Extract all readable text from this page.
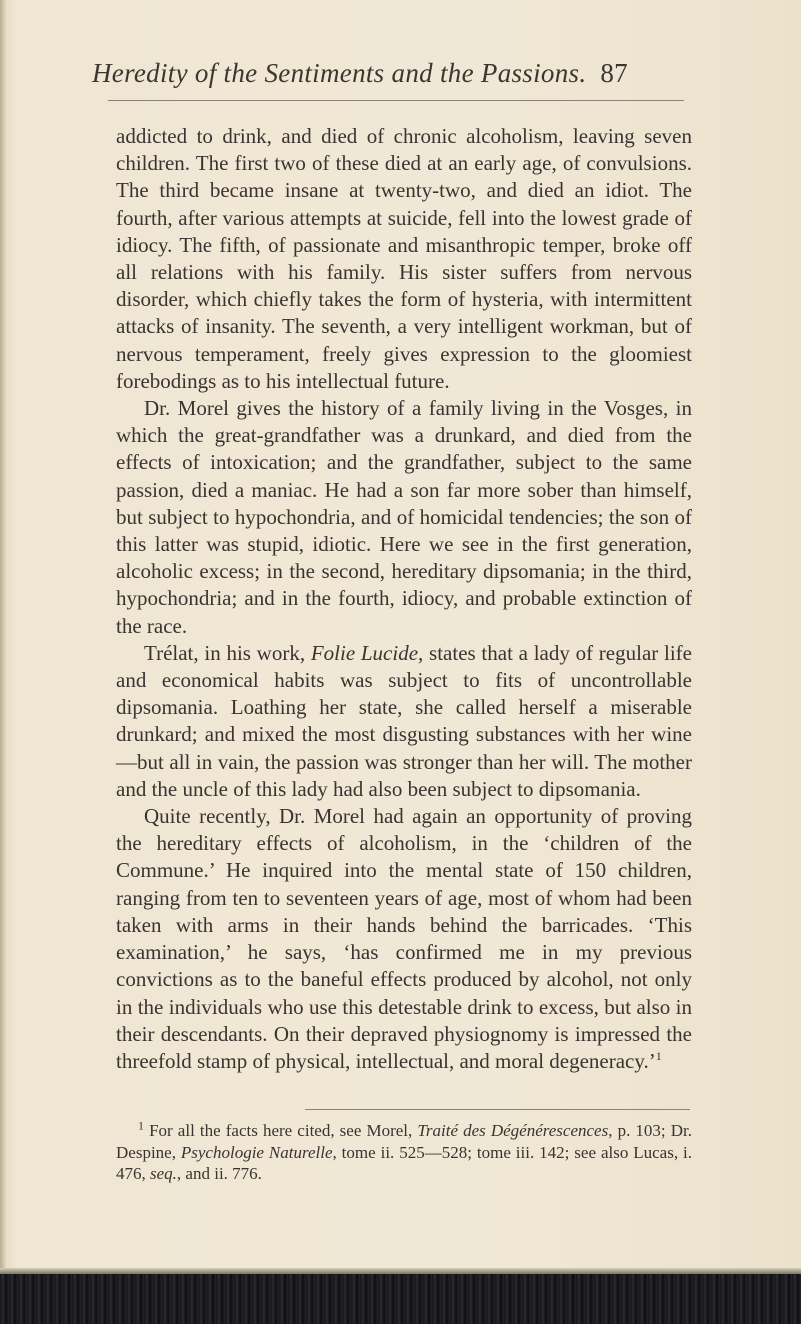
Heredity of the Sentiments and the Passions. 87

addicted to drink, and died of chronic alcoholism, leaving seven children. The first two of these died at an early age, of convulsions. The third became insane at twenty-two, and died an idiot. The fourth, after various attempts at suicide, fell into the lowest grade of idiocy. The fifth, of passionate and misanthropic temper, broke off all relations with his family. His sister suffers from nervous disorder, which chiefly takes the form of hysteria, with intermittent attacks of insanity. The seventh, a very intelligent workman, but of nervous temperament, freely gives expression to the gloomiest forebodings as to his intellectual future.

Dr. Morel gives the history of a family living in the Vosges, in which the great-grandfather was a drunkard, and died from the effects of intoxication; and the grandfather, subject to the same passion, died a maniac. He had a son far more sober than himself, but subject to hypochondria, and of homicidal tendencies; the son of this latter was stupid, idiotic. Here we see in the first generation, alcoholic excess; in the second, hereditary dipsomania; in the third, hypochondria; and in the fourth, idiocy, and probable extinction of the race.

Trélat, in his work, Folie Lucide, states that a lady of regular life and economical habits was subject to fits of uncontrollable dipsomania. Loathing her state, she called herself a miserable drunkard; and mixed the most disgusting substances with her wine—but all in vain, the passion was stronger than her will. The mother and the uncle of this lady had also been subject to dipsomania.

Quite recently, Dr. Morel had again an opportunity of proving the hereditary effects of alcoholism, in the ‘children of the Commune.’ He inquired into the mental state of 150 children, ranging from ten to seventeen years of age, most of whom had been taken with arms in their hands behind the barricades. ‘This examination,’ he says, ‘has confirmed me in my previous convictions as to the baneful effects produced by alcohol, not only in the individuals who use this detestable drink to excess, but also in their descendants. On their depraved physiognomy is impressed the threefold stamp of physical, intellectual, and moral degeneracy.’$^1$

$^1$ For all the facts here cited, see Morel, Traité des Dégénérescences, p. 103; Dr. Despine, Psychologie Naturelle, tome ii. 525—528; tome iii. 142; see also Lucas, i. 476, seq., and ii. 776.
